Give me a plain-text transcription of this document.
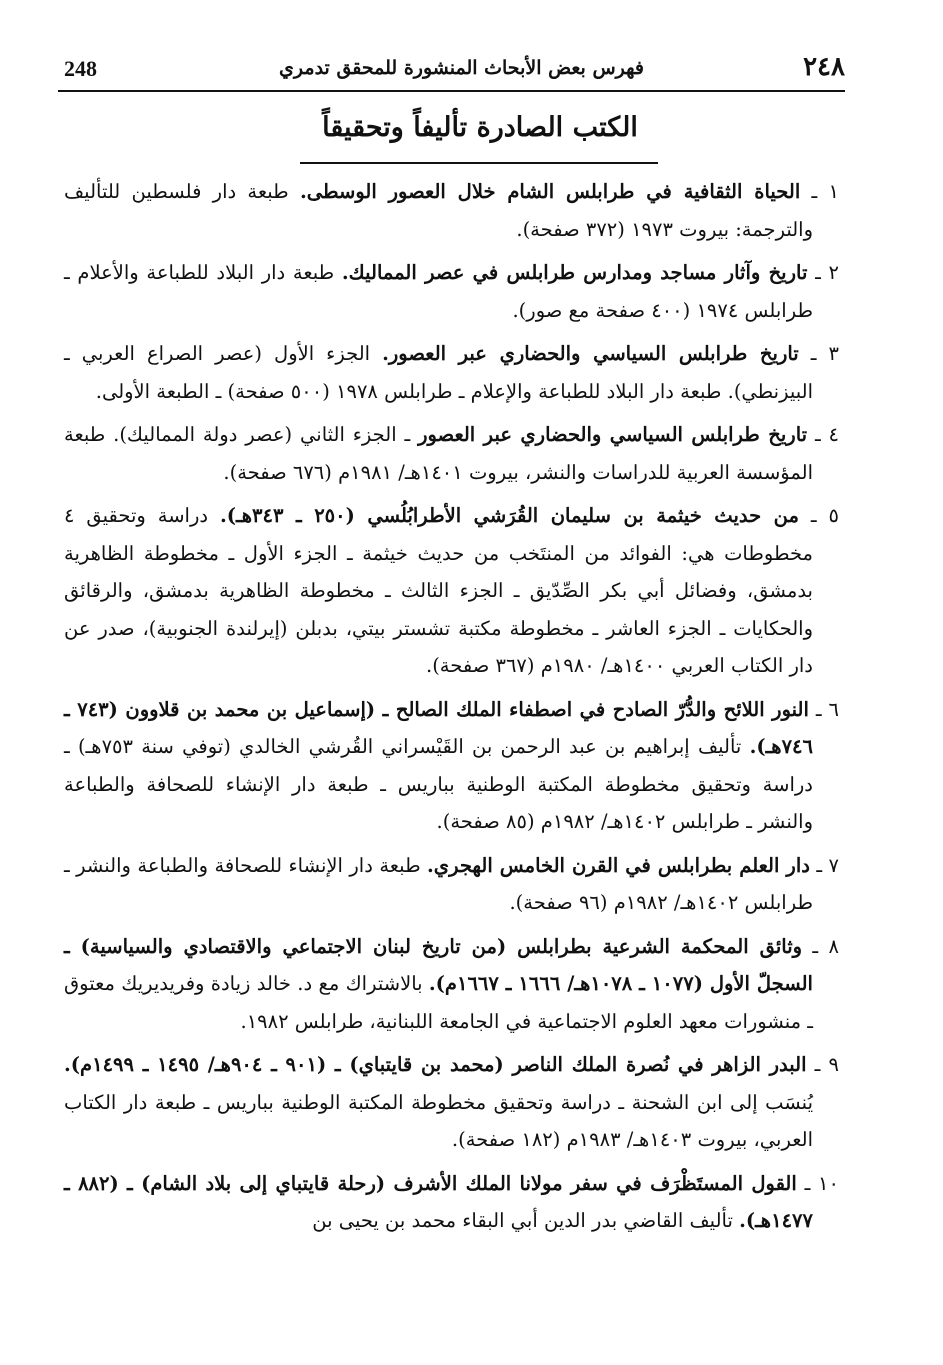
248	فهرس بعض الأبحاث المنشورة للمحقق تدمري	٢٤٨
الكتب الصادرة تأليفاً وتحقيقاً

١ ـ الحياة الثقافية في طرابلس الشام خلال العصور الوسطى. طبعة دار فلسطين للتأليف والترجمة: بيروت ١٩٧٣ (٣٧٢ صفحة).

٢ ـ تاريخ وآثار مساجد ومدارس طرابلس في عصر المماليك. طبعة دار البلاد للطباعة والأعلام ـ طرابلس ١٩٧٤ (٤٠٠ صفحة مع صور).

٣ ـ تاريخ طرابلس السياسي والحضاري عبر العصور. الجزء الأول (عصر الصراع العربي ـ البيزنطي). طبعة دار البلاد للطباعة والإعلام ـ طرابلس ١٩٧٨ (٥٠٠ صفحة) ـ الطبعة الأولى.

٤ ـ تاريخ طرابلس السياسي والحضاري عبر العصور ـ الجزء الثاني (عصر دولة المماليك). طبعة المؤسسة العربية للدراسات والنشر، بيروت ١٤٠١هـ/ ١٩٨١م (٦٧٦ صفحة).

٥ ـ من حديث خيثمة بن سليمان القُرَشي الأطرابُلُسي (٢٥٠ ـ ٣٤٣هـ). دراسة وتحقيق ٤ مخطوطات هي: الفوائد من المنتَخب من حديث خيثمة ـ الجزء الأول ـ مخطوطة الظاهرية بدمشق، وفضائل أبي بكر الصِّدّيق ـ الجزء الثالث ـ مخطوطة الظاهرية بدمشق، والرقائق والحكايات ـ الجزء العاشر ـ مخطوطة مكتبة تشستر بيتي، بدبلن (إيرلندة الجنوبية)، صدر عن دار الكتاب العربي ١٤٠٠هـ/ ١٩٨٠م (٣٦٧ صفحة).

٦ ـ النور اللائح والدُّرّ الصادح في اصطفاء الملك الصالح ـ (إسماعيل بن محمد بن قلاوون (٧٤٣ ـ ٧٤٦هـ). تأليف إبراهيم بن عبد الرحمن بن القَيْسراني القُرشي الخالدي (توفي سنة ٧٥٣هـ) ـ دراسة وتحقيق مخطوطة المكتبة الوطنية بباريس ـ طبعة دار الإنشاء للصحافة والطباعة والنشر ـ طرابلس ١٤٠٢هـ/ ١٩٨٢م (٨٥ صفحة).

٧ ـ دار العلم بطرابلس في القرن الخامس الهجري. طبعة دار الإنشاء للصحافة والطباعة والنشر ـ طرابلس ١٤٠٢هـ/ ١٩٨٢م (٩٦ صفحة).

٨ ـ وثائق المحكمة الشرعية بطرابلس (من تاريخ لبنان الاجتماعي والاقتصادي والسياسية) ـ السجلّ الأول (١٠٧٧ ـ ١٠٧٨هـ/ ١٦٦٦ ـ ١٦٦٧م). بالاشتراك مع د. خالد زيادة وفريديريك معتوق ـ منشورات معهد العلوم الاجتماعية في الجامعة اللبنانية، طرابلس ١٩٨٢.

٩ ـ البدر الزاهر في نُصرة الملك الناصر (محمد بن قايتباي) ـ (٩٠١ ـ ٩٠٤هـ/ ١٤٩٥ ـ ١٤٩٩م). يُنسَب إلى ابن الشحنة ـ دراسة وتحقيق مخطوطة المكتبة الوطنية بباريس ـ طبعة دار الكتاب العربي، بيروت ١٤٠٣هـ/ ١٩٨٣م (١٨٢ صفحة).

١٠ ـ القول المستَظْرَف في سفر مولانا الملك الأشرف (رحلة قايتباي إلى بلاد الشام) ـ (٨٨٢ ـ ١٤٧٧هـ). تأليف القاضي بدر الدين أبي البقاء محمد بن يحيى بن
